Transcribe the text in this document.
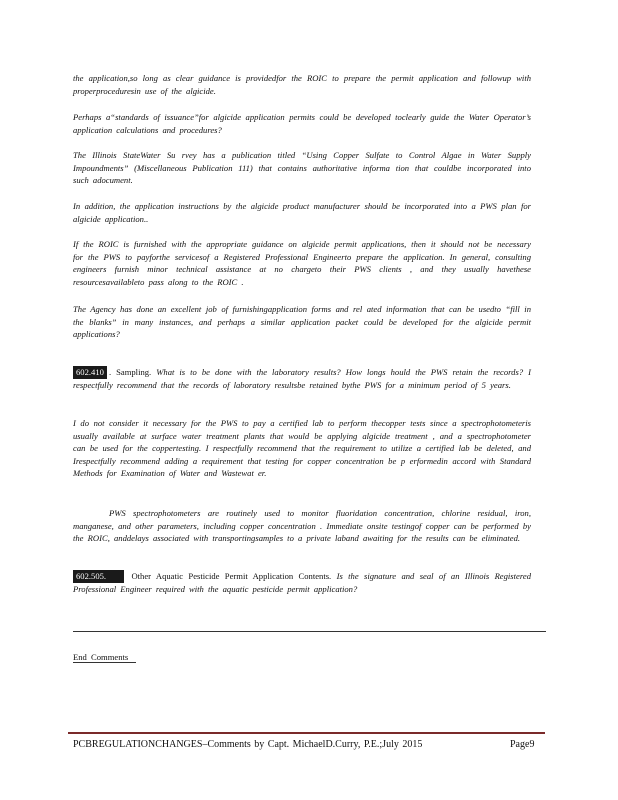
the application,so long as clear guidance is providedfor the ROIC to prepare the permit application and followup with properproceduresin use of the algicide.

Perhaps a“standards of issuance”for algicide application permits could be developed toclearly guide the Water Operator’s application calculations and procedures?

The Illinois StateWater Su rvey has a publication titled “Using Copper Sulfate to Control Algae in Water Supply Impoundments” (Miscellaneous Publication 111) that contains authoritative informa tion that couldbe incorporated into such adocument.

In addition, the application instructions by the algicide product manufacturer should be incorporated into a PWS plan for algicide application..

If the ROIC is furnished with the appropriate guidance on algicide permit applications, then it should not be necessary for the PWS to payforthe servicesof a Registered Professional Engineerto prepare the application. In general, consulting engineers furnish minor technical assistance at no chargeto their PWS clients , and they usually havethese resourcesavailableto pass along to the ROIC .

The Agency has done an excellent job of furnishingapplication forms and rel ated information that can be usedto “fill in the blanks” in many instances, and perhaps a similar application packet could be developed for the algicide permit applications?

602.410 . Sampling. What is to be done with the laboratory results? How longs hould the PWS retain the records? I respectfully recommend that the records of laboratory resultsbe retained bythe PWS for a minimum period of 5 years.

I do not consider it necessary for the PWS to pay a certified lab to perform thecopper tests since a spectrophotometeris usually available at surface water treatment plants that would be applying algicide treatment , and a spectrophotometer can be used for the coppertesting. I respectfully recommend that the requirement to utilize a certified lab be deleted, and Irespectfully recommend adding a requirement that testing for copper concentration be p erformedin accord with Standard Methods for Examination of Water and Wastewat er.

PWS spectrophotometers are routinely used to monitor fluoridation concentration, chlorine residual, iron, manganese, and other parameters, including copper concentration . Immediate onsite testingof copper can be performed by the ROIC, anddelays associated with transportingsamples to a private laband awaiting for the results can be eliminated.

602.505.	Other Aquatic Pesticide Permit Application Contents. Is the signature and seal of an Illinois Registered Professional Engineer required with the aquatic pesticide permit application?

End Comments
PCBREGULATIONCHANGES–Comments by Capt. MichaelD.Curry, P.E.;July 2015	Page9
